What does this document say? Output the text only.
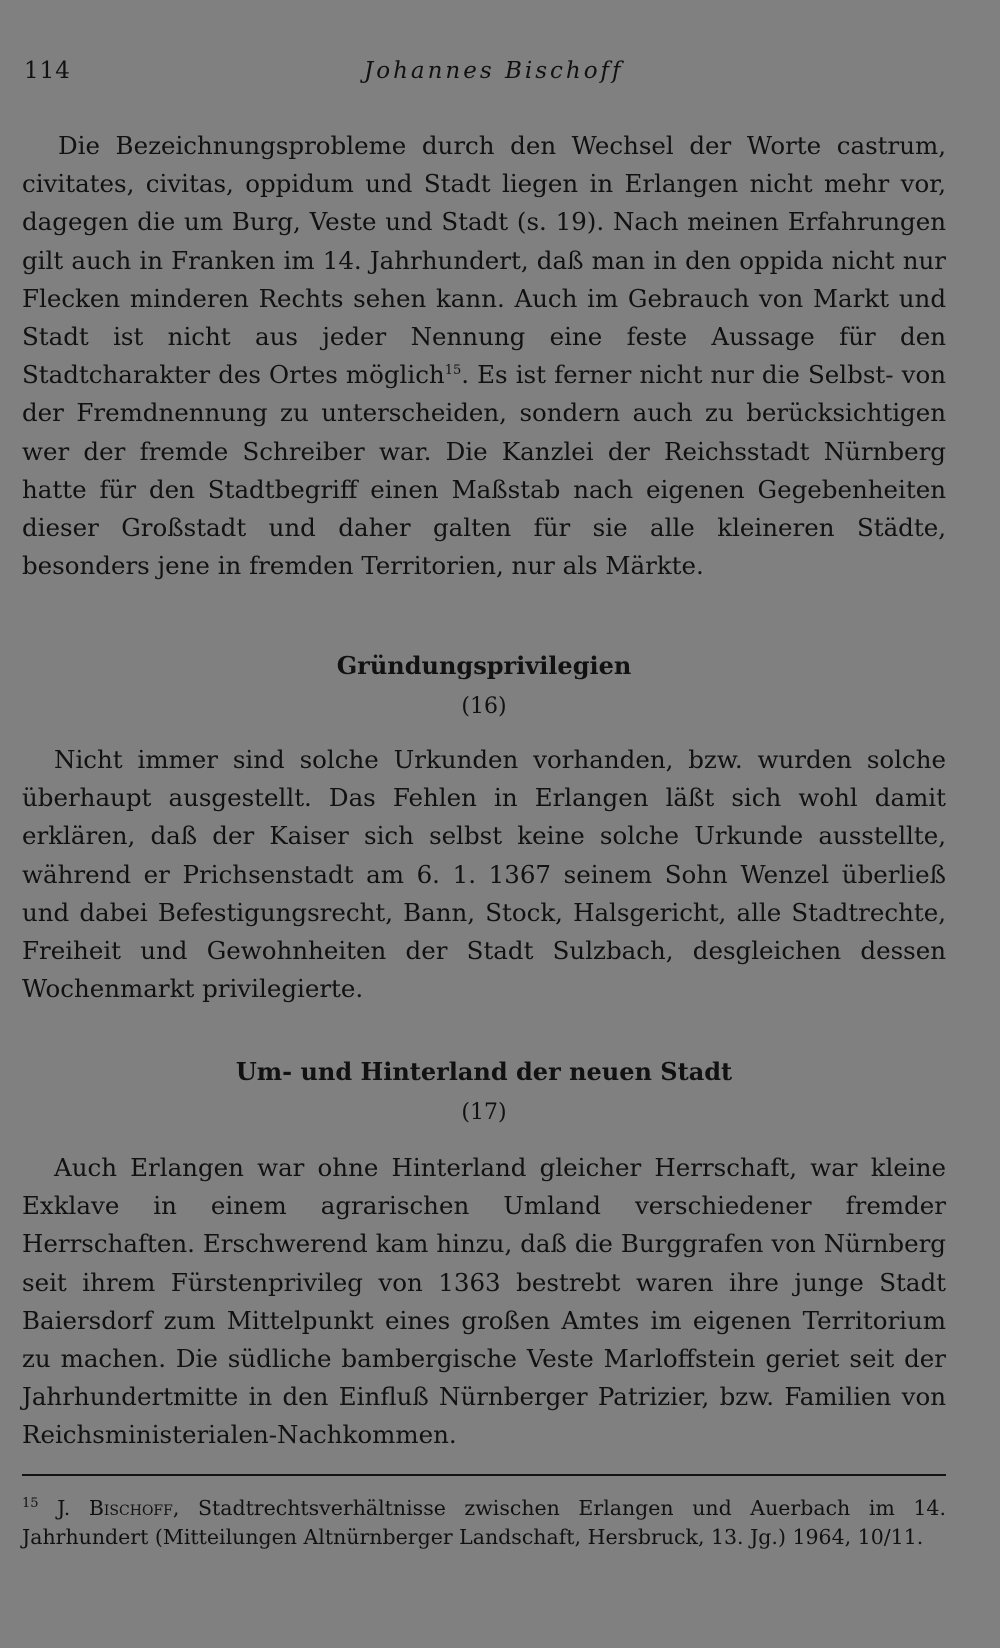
114	Johannes Bischoff

Die Bezeichnungsprobleme durch den Wechsel der Worte castrum, civitates, civitas, oppidum und Stadt liegen in Erlangen nicht mehr vor, dagegen die um Burg, Veste und Stadt (s. 19). Nach meinen Erfahrungen gilt auch in Franken im 14. Jahrhundert, daß man in den oppida nicht nur Flecken minderen Rechts sehen kann. Auch im Gebrauch von Markt und Stadt ist nicht aus jeder Nennung eine feste Aussage für den Stadtcharakter des Ortes möglich$^{15}$. Es ist ferner nicht nur die Selbst- von der Fremdnennung zu unterscheiden, sondern auch zu berücksichtigen wer der fremde Schreiber war. Die Kanzlei der Reichsstadt Nürnberg hatte für den Stadtbegriff einen Maßstab nach eigenen Gegebenheiten dieser Großstadt und daher galten für sie alle kleineren Städte, besonders jene in fremden Territorien, nur als Märkte.

Gründungsprivilegien
(16)

Nicht immer sind solche Urkunden vorhanden, bzw. wurden solche überhaupt ausgestellt. Das Fehlen in Erlangen läßt sich wohl damit erklären, daß der Kaiser sich selbst keine solche Urkunde ausstellte, während er Prichsenstadt am 6. 1. 1367 seinem Sohn Wenzel überließ und dabei Befestigungsrecht, Bann, Stock, Halsgericht, alle Stadtrechte, Freiheit und Gewohnheiten der Stadt Sulzbach, desgleichen dessen Wochenmarkt privilegierte.

Um- und Hinterland der neuen Stadt
(17)

Auch Erlangen war ohne Hinterland gleicher Herrschaft, war kleine Exklave in einem agrarischen Umland verschiedener fremder Herrschaften. Erschwerend kam hinzu, daß die Burggrafen von Nürnberg seit ihrem Fürstenprivileg von 1363 bestrebt waren ihre junge Stadt Baiersdorf zum Mittelpunkt eines großen Amtes im eigenen Territorium zu machen. Die südliche bambergische Veste Marloffstein geriet seit der Jahrhundertmitte in den Einfluß Nürnberger Patrizier, bzw. Familien von Reichsministerialen-Nachkommen.

$^{15}$ J. Bischoff, Stadtrechtsverhältnisse zwischen Erlangen und Auerbach im 14. Jahrhundert (Mitteilungen Altnürnberger Landschaft, Hersbruck, 13. Jg.) 1964, 10/11.
